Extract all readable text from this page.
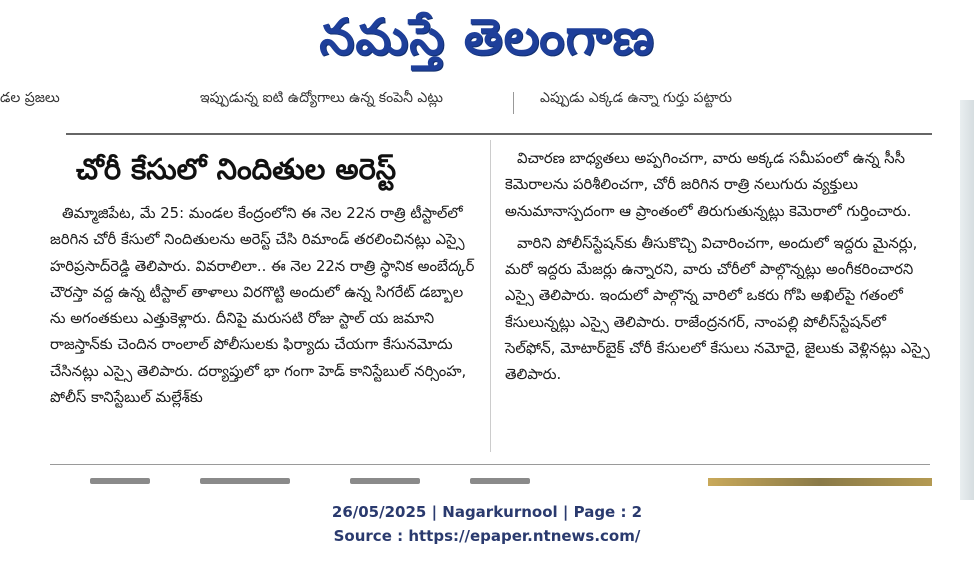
నమస్తే తెలంగాణ
డల ప్రజలు	ఇప్పుడున్న ఐటి ఉద్యోగాలు ఉన్న కంపెనీ ఎట్లు	ఎప్పుడు ఎక్కడ ఉన్నా గుర్తు పట్టారు
చోరీ కేసులో నిందితుల అరెస్ట్

తిమ్మాజిపేట, మే 25: మండల కేంద్రంలోని ఈ నెల 22న రాత్రి టీస్టాల్‌లో జరిగిన చోరీ కేసులో నిందితులను అరెస్ట్ చేసి రిమాండ్ తరలించినట్లు ఎస్సై హరిప్రసాద్‌రెడ్డి తెలిపారు. వివరాలిలా.. ఈ నెల 22న రాత్రి స్థానిక అంబేద్కర్ చౌరస్తా వద్ద ఉన్న టీస్టాల్ తాళాలు విరగొట్టి అందులో ఉన్న సిగరేట్ డబ్బాల ను అగంతకులు ఎత్తుకెళ్లారు. దీనిపై మరుసటి రోజు స్టాల్ య జమాని రాజస్తాన్‌కు చెందిన రాంలాల్ పోలీసులకు ఫిర్యాదు చేయగా కేసునమోదు చేసినట్లు ఎస్సై తెలిపారు. దర్యాప్తులో భా గంగా హెడ్ కానిస్టేబుల్ నర్సింహ, పోలీస్ కానిస్టేబుల్ మల్లేశ్‌కు

విచారణ బాధ్యతలు అప్పగించగా, వారు అక్కడ సమీపంలో ఉన్న సీసీ కెమెరాలను పరిశీలించగా, చోరీ జరిగిన రాత్రి నలుగురు వ్యక్తులు అనుమానాస్పదంగా ఆ ప్రాంతంలో తిరుగుతున్నట్లు కెమెరాలో గుర్తించారు.

వారిని పోలీస్‌స్టేషన్‌కు తీసుకొచ్చి విచారించగా, అందులో ఇద్దరు మైనర్లు, మరో ఇద్దరు మేజర్లు ఉన్నారని, వారు చోరీలో పాల్గొన్నట్లు అంగీకరించారని ఎస్సై తెలిపారు. ఇందులో పాల్గొన్న వారిలో ఒకరు గోపి అఖిల్‌పై గతంలో కేసులున్నట్లు ఎస్సై తెలిపారు. రాజేంద్రనగర్, నాంపల్లి పోలీస్‌స్టేషన్‌లో సెల్‌ఫోన్, మోటార్‌బైక్ చోరీ కేసులలో కేసులు నమోదై, జైలుకు వెళ్లినట్లు ఎస్సై తెలిపారు.

26/05/2025 | Nagarkurnool | Page : 2
Source : https://epaper.ntnews.com/
